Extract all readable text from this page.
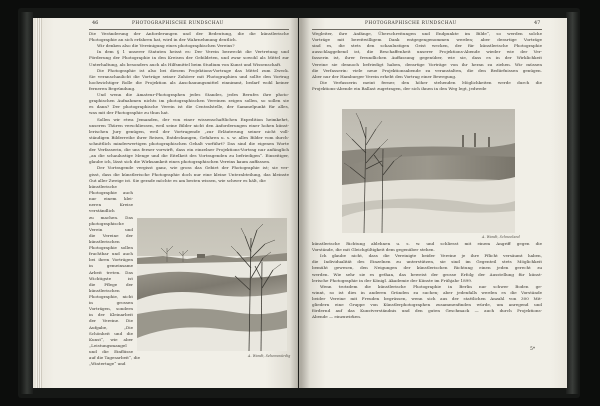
46	PHOTOGRAPHISCHE RUNDSCHAU
Die Veränderung der Anforderungen und der Bedeutung, die die künstlerische
Photographie an sich erfahren hat, wird in der Wahrnehmung deutlich.
Wir denken also die Vereinigung eines photographischen Vereins?
In dem § 1 unserer Statuten heisst es: Der Verein bezweckt die Vertretung und
Förderung der Photographie in den Kreisen der Gebildeten, und zwar sowohl als Mittel zur
Unterhaltung, als besonders auch als Hilfsmittel beim Studium von Kunst und Wissenschaft.
Die Photographie ist also bei diesem Projektions-Vortrage das Mittel zum Zweck.
Sie veranschaulicht die Vorträge seiner Zuhörer mit Photographien und sollte den Vortrag
hochwichtiger Rolle die Projektion als Anschauungsmittel einnimmt, bedarf wohl keiner
ferneren Begründung.
Und wenn die Amateur-Photographen jedes Standes, jedes Berufes ihre photo-
graphischen Aufnahmen nichts im photographischen Vereinen zeigen sollen, so sollen sie
es dann? Der photographische Verein ist die Centralstelle, der Sammelpunkt für alles,
was mit der Photographie zu thun hat.
Sollen wir etwa Jemanden, der von einer wissenschaftlichen Expedition heimkehrt,
unseren Thüren verschliessen, weil seine Bilder nicht den Anforderungen einer hohen künst-
lerischen Jury genügen, weil der Vortragende „zur Erläuterung seiner nicht voll-
ständigen Bilderreihe ihrer Reisen, Entdeckungen, Gefahren u. s. w. alles Bilder vom durch-
schnittlich minderwertigen photographischen Gehalt vorführt? Das sind die eigenen Worte
der Verfasserin, die uns ferner vorwirft, dass ein einzelner Projektions-Vortrag nur anfänglich
„an die schaulustige Menge und die Eitelkeit des Vortragenden zu befriedigen“. Einseitiger,
glaube ich, lässt sich die Wirksamkeit eines photographischen Vereins kaum auffassen.
Der Vortragende vergisst ganz, wie gross das Gebiet der Photographie ist; sie ver-
gisst, dass die künstlerische Photographie doch nur eine kleine Unterabteilung, das kleinste
Gut aller Zweige ist. Sie gerade möchte es am besten wissen, wie schwer es hält, die
künstlerische
Photographie auch
nur einem klei-
neren Kreise
verständlich
zu machen. Das
photographische
Verein und
die Vereine der
künstlerischen
Photographie sollen
fruchtbar und auch
bei ihren Vorträgen
in gemeinsame
Arbeit treten. Das
Wichtigste ist
die Pflege der
künstlerischen
Photographie, nicht
in grossen
Vorträgen, sondern
in der Kleinarbeit
der Vereine. Die
Aufgabe, „Die
Schönheit und die
Kunst“, wie aber
„Leistungsmangel
und die Einflüsse
auf die Tagesarbeit“, die
„Wintertage“ und
A. Wandt, Sehenswürdig
PHOTOGRAPHISCHE RUNDSCHAU	47
Wegleiter, ihre Anfänge, Überschreitungen und Endpunkte im Bilde“, so werden solche
Vorträge mit bereitwilligem Dank entgegengenommen werden; aber derartige Vorträge
sind es, die stets den schaulustigen Geist wecken, der für künstlerische Photographie
ausschlaggebend ist, die Beschaffenheit unserer Projektions-Abende wieder wie der Ver-
fasserin ist, ihrer freundlichen Auffassung gegenüber, wie sie, dass es in der Wirklichkeit
Vereine sie dennoch befriedigt haben, derartige Vorträge von ihr heran zu ziehen. Wir müssen
die Verfasserin: viele neue Projektionsabende zu veranstalten, die den Bedürfnissen genügen.
Aber nur der Hamburger Verein erhebt den Vortrag einer Bewegung.
Die Verfasserin meint ferner, den höher stehenden Möglichkeiten werde durch die
Projektions-Abende ein Ballast zugetragen, der sich ihnen in den Weg legt, jedwede
A. Wandt, Schneeland
künstlerische Richtung ablehnen u. s. w. und schliesst mit einem Angriff gegen die
Vorstände, die mit Gleichgültigkeit dem gegenüber stehen.
Ich glaube nicht, dass die Vereinigte beider Vereine je ihre Pflicht versäumt haben,
die Individualität des Einzelnen zu unterstützen, sie sind im Gegenteil stets Möglichkeit
bemüht gewesen, den Neigungen der künstlerischen Richtung einen jeden gerecht zu
werden. Wie sehr sie es gethan, das beweist der grosse Erfolg der Ausstellung für künst-
lerische Photographie in der Königl. Akademie der Künste im Frühjahr 1899.
Wenn trotzdem die künstlerische Photographie in Berlin nur schwer Boden ge-
winnt, so ist dies in anderen Gründen zu suchen; aber jedenfalls werden es die Vorstände
beider Vereine mit Freuden begrüssen, wenn sich aus der stattlichen Anzahl von 300 Mit-
gliedern eine Gruppe von Künstlerphotographen zusammenfinden würde, um anregend und
fördernd auf das Kunstverständnis und den guten Geschmack — auch durch Projektions-
Abende — einzuwirken.
5*
